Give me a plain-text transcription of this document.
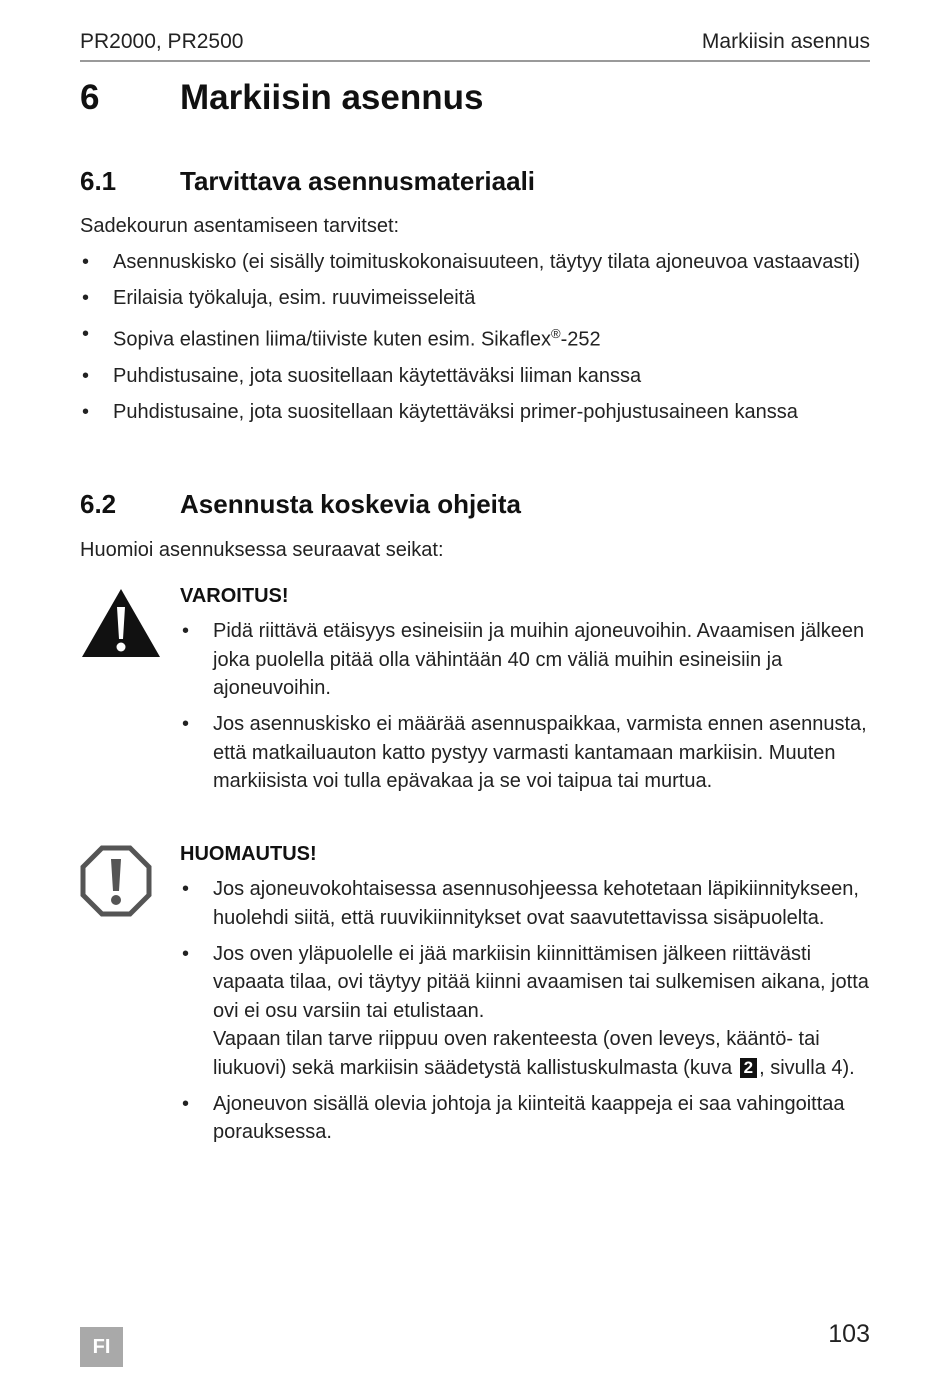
PR2000, PR2500	Markiisin asennus
6 Markiisin asennus
6.1 Tarvittava asennusmateriaali
Sadekourun asentamiseen tarvitset:
• Asennuskisko (ei sisälly toimituskokonaisuuteen, täytyy tilata ajoneuvoa vastaavasti)
• Erilaisia työkaluja, esim. ruuvimeisseleitä
• Sopiva elastinen liima/tiiviste kuten esim. Sikaflex®-252
• Puhdistusaine, jota suositellaan käytettäväksi liiman kanssa
• Puhdistusaine, jota suositellaan käytettäväksi primer-pohjustusaineen kanssa
6.2 Asennusta koskevia ohjeita
Huomioi asennuksessa seuraavat seikat:
VAROITUS!
• Pidä riittävä etäisyys esineisiin ja muihin ajoneuvoihin. Avaamisen jälkeen joka puolella pitää olla vähintään 40 cm väliä muihin esineisiin ja ajoneuvoihin.
• Jos asennuskisko ei määrää asennuspaikkaa, varmista ennen asennusta, että matkailuauton katto pystyy varmasti kantamaan markiisin. Muuten markiisista voi tulla epävakaa ja se voi taipua tai murtua.
HUOMAUTUS!
• Jos ajoneuvokohtaisessa asennusohjeessa kehotetaan läpikiinnitykseen, huolehdi siitä, että ruuvikiinnitykset ovat saavutettavissa sisäpuolelta.
• Jos oven yläpuolelle ei jää markiisin kiinnittämisen jälkeen riittävästi vapaata tilaa, ovi täytyy pitää kiinni avaamisen tai sulkemisen aikana, jotta ovi ei osu varsiin tai etulistaan.
Vapaan tilan tarve riippuu oven rakenteesta (oven leveys, kääntö- tai liukuovi) sekä markiisin säädetystä kallistuskulmasta (kuva 2 , sivulla 4).
• Ajoneuvon sisällä olevia johtoja ja kiinteitä kaappeja ei saa vahingoittaa porauksessa.
FI	103
